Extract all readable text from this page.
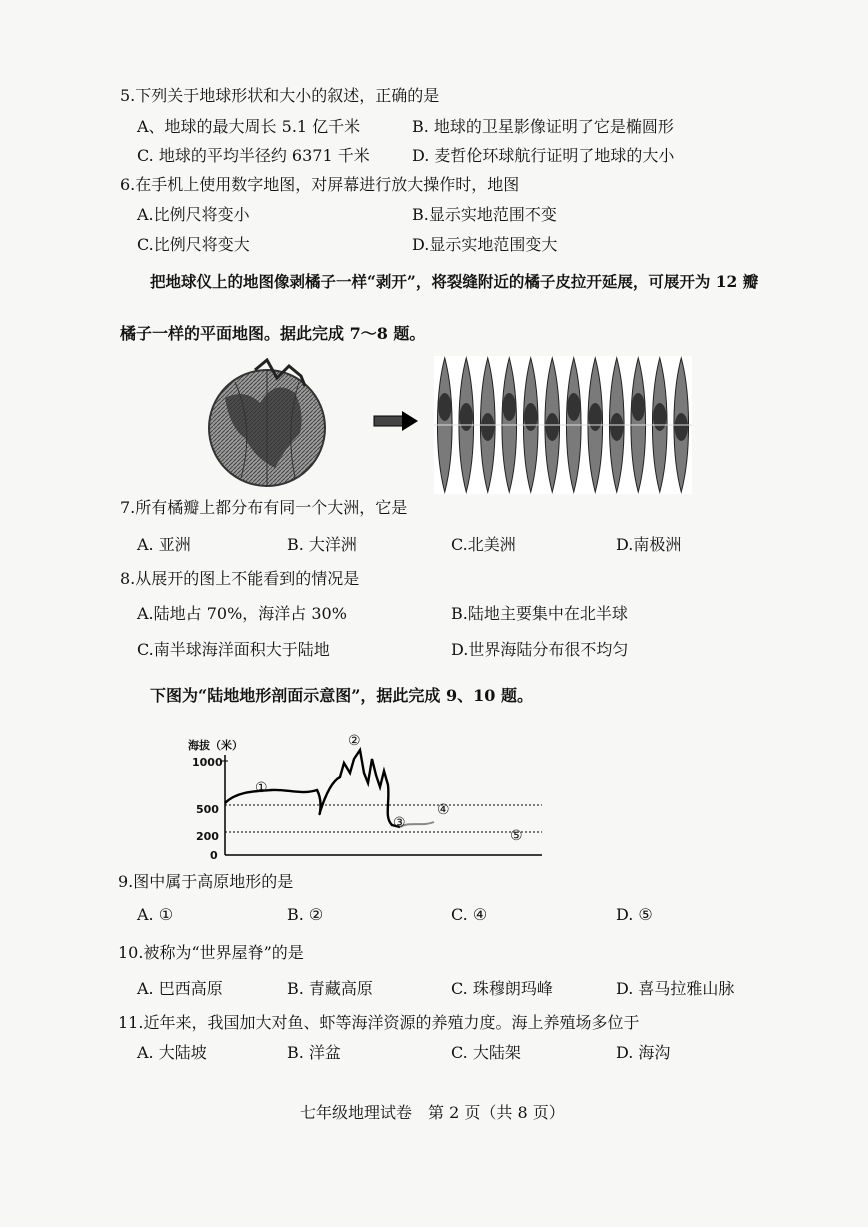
5.下列关于地球形状和大小的叙述，正确的是
A、地球的最大周长 5.1 亿千米	B. 地球的卫星影像证明了它是椭圆形
C. 地球的平均半径约 6371 千米	D. 麦哲伦环球航行证明了地球的大小
6.在手机上使用数字地图，对屏幕进行放大操作时，地图
A.比例尺将变小	B.显示实地范围不变
C.比例尺将变大	D.显示实地范围变大
把地球仪上的地图像剥橘子一样“剥开”，将裂缝附近的橘子皮拉开延展，可展开为 12 瓣
橘子一样的平面地图。据此完成 7～8 题。
下图为“陆地地形剖面示意图”，据此完成 9、10 题。
海拔（米）
1000
500
200
0
①
②
③
④
⑤
7.所有橘瓣上都分布有同一个大洲，它是
A. 亚洲	B. 大洋洲	C.北美洲	D.南极洲
8.从展开的图上不能看到的情况是
A.陆地占 70%，海洋占 30%	B.陆地主要集中在北半球
C.南半球海洋面积大于陆地	D.世界海陆分布很不均匀
9.图中属于高原地形的是
A. ①	B. ②	C. ④	D. ⑤
10.被称为“世界屋脊”的是
A. 巴西高原	B. 青藏高原	C. 珠穆朗玛峰	D. 喜马拉雅山脉
11.近年来，我国加大对鱼、虾等海洋资源的养殖力度。海上养殖场多位于
A. 大陆坡	B. 洋盆	C. 大陆架	D. 海沟
七年级地理试卷　第 2 页（共 8 页）
